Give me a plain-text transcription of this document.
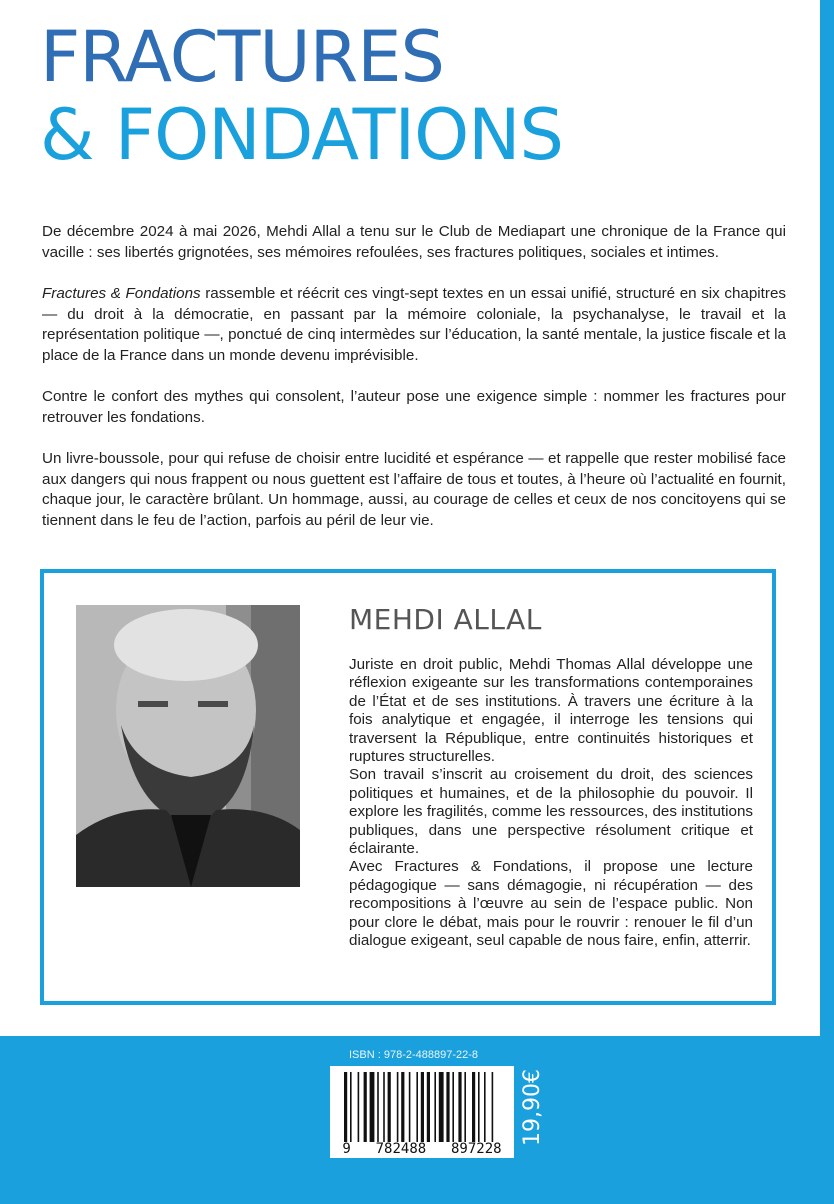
FRACTURES
& FONDATIONS

De décembre 2024 à mai 2026, Mehdi Allal a tenu sur le Club de Mediapart une chronique de la France qui vacille : ses libertés grignotées, ses mémoires refoulées, ses fractures politiques, sociales et intimes.

Fractures & Fondations rassemble et réécrit ces vingt-sept textes en un essai unifié, structuré en six chapitres — du droit à la démocratie, en passant par la mémoire coloniale, la psychanalyse, le travail et la représentation politique —, ponctué de cinq intermèdes sur l’éducation, la santé mentale, la justice fiscale et la place de la France dans un monde devenu imprévisible.

Contre le confort des mythes qui consolent, l’auteur pose une exigence simple : nommer les fractures pour retrouver les fondations.

Un livre-boussole, pour qui refuse de choisir entre lucidité et espérance — et rappelle que rester mobilisé face aux dangers qui nous frappent ou nous guettent est l’affaire de tous et toutes, à l’heure où l’actualité en fournit, chaque jour, le caractère brûlant. Un hommage, aussi, au courage de celles et ceux de nos concitoyens qui se tiennent dans le feu de l’action, parfois au péril de leur vie.

MEHDI ALLAL

Juriste en droit public, Mehdi Thomas Allal développe une réflexion exigeante sur les transformations contemporaines de l’État et de ses institutions. À travers une écriture à la fois analytique et engagée, il interroge les tensions qui traversent la République, entre continuités historiques et ruptures structurelles.

Son travail s’inscrit au croisement du droit, des sciences politiques et humaines, et de la philosophie du pouvoir. Il explore les fragilités, comme les ressources, des institutions publiques, dans une perspective résolument critique et éclairante.

Avec Fractures & Fondations, il propose une lecture pédagogique — sans démagogie, ni récupération — des recompositions à l’œuvre au sein de l’espace public. Non pour clore le débat, mais pour le rouvrir : renouer le fil d’un dialogue exigeant, seul capable de nous faire, enfin, atterrir.

ISBN : 978-2-488897-22-8
9 782488 897228
19,90€
